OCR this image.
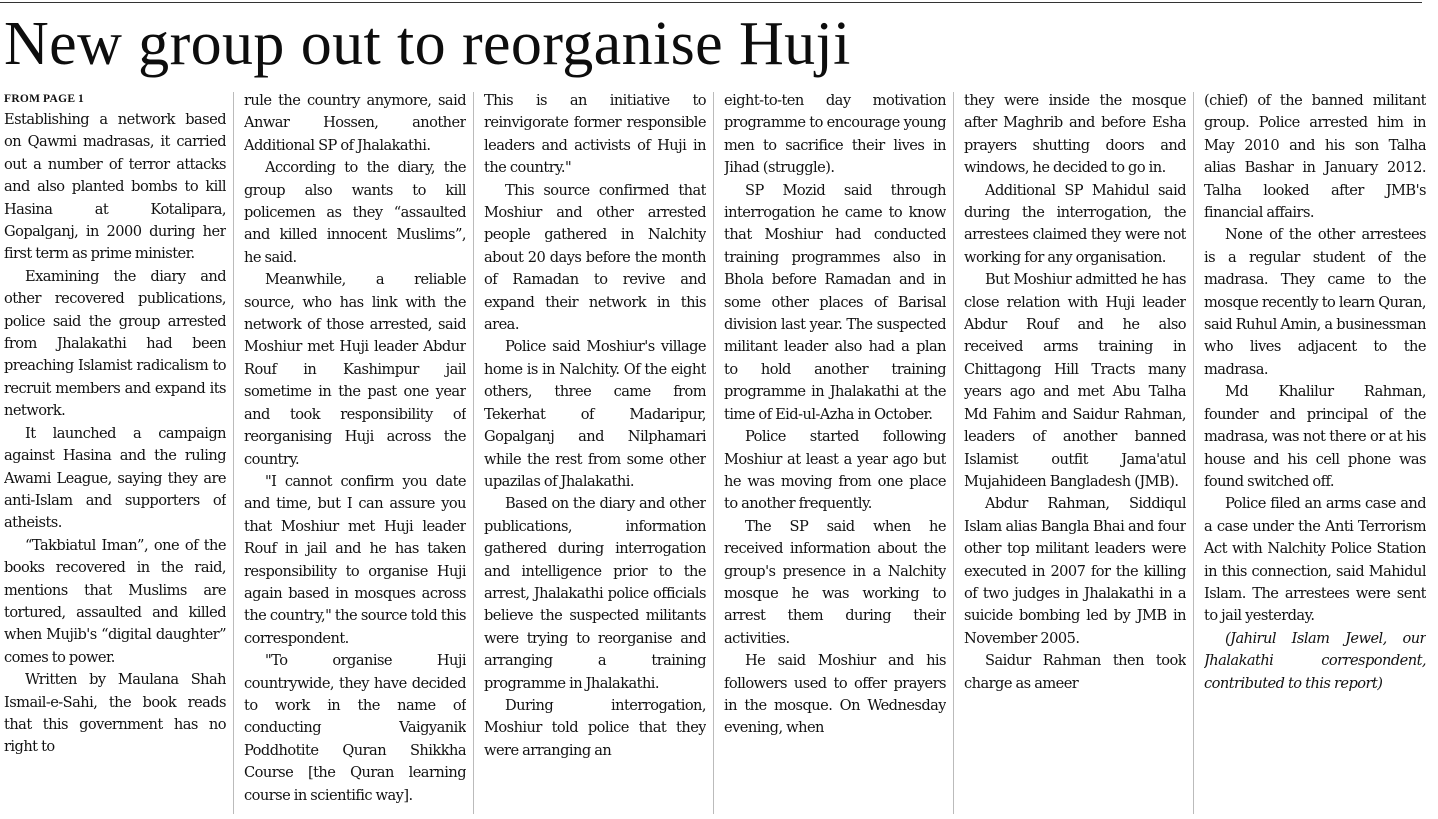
New group out to reorganise Huji
FROM PAGE 1

Establishing a network based on Qawmi madrasas, it carried out a number of terror attacks and also planted bombs to kill Hasina at Kotalipara, Gopalganj, in 2000 during her first term as prime minister.

Examining the diary and other recovered publications, police said the group arrested from Jhalakathi had been preaching Islamist radicalism to recruit members and expand its network.

It launched a campaign against Hasina and the ruling Awami League, saying they are anti-Islam and supporters of atheists.

“Takbiatul Iman”, one of the books recovered in the raid, mentions that Muslims are tortured, assaulted and killed when Mujib's “digital daughter” comes to power.

Written by Maulana Shah Ismail-e-Sahi, the book reads that this government has no right to

rule the country anymore, said Anwar Hossen, another Additional SP of Jhalakathi.

According to the diary, the group also wants to kill policemen as they “assaulted and killed innocent Muslims”, he said.

Meanwhile, a reliable source, who has link with the network of those arrested, said Moshiur met Huji leader Abdur Rouf in Kashimpur jail sometime in the past one year and took responsibility of reorganising Huji across the country.

"I cannot confirm you date and time, but I can assure you that Moshiur met Huji leader Rouf in jail and he has taken responsibility to organise Huji again based in mosques across the country," the source told this correspondent.

"To organise Huji countrywide, they have decided to work in the name of conducting Vaigyanik Poddhotite Quran Shikkha Course [the Quran learning course in scientific way].

This is an initiative to reinvigorate former responsible leaders and activists of Huji in the country."

This source confirmed that Moshiur and other arrested people gathered in Nalchity about 20 days before the month of Ramadan to revive and expand their network in this area.

Police said Moshiur's village home is in Nalchity. Of the eight others, three came from Tekerhat of Madaripur, Gopalganj and Nilphamari while the rest from some other upazilas of Jhalakathi.

Based on the diary and other publications, information gathered during interrogation and intelligence prior to the arrest, Jhalakathi police officials believe the suspected militants were trying to reorganise and arranging a training programme in Jhalakathi.

During interrogation, Moshiur told police that they were arranging an

eight-to-ten day motivation programme to encourage young men to sacrifice their lives in Jihad (struggle).

SP Mozid said through interrogation he came to know that Moshiur had conducted training programmes also in Bhola before Ramadan and in some other places of Barisal division last year. The suspected militant leader also had a plan to hold another training programme in Jhalakathi at the time of Eid-ul-Azha in October.

Police started following Moshiur at least a year ago but he was moving from one place to another frequently.

The SP said when he received information about the group's presence in a Nalchity mosque he was working to arrest them during their activities.

He said Moshiur and his followers used to offer prayers in the mosque. On Wednesday evening, when

they were inside the mosque after Maghrib and before Esha prayers shutting doors and windows, he decided to go in.

Additional SP Mahidul said during the interrogation, the arrestees claimed they were not working for any organisation.

But Moshiur admitted he has close relation with Huji leader Abdur Rouf and he also received arms training in Chittagong Hill Tracts many years ago and met Abu Talha Md Fahim and Saidur Rahman, leaders of another banned Islamist outfit Jama'atul Mujahideen Bangladesh (JMB).

Abdur Rahman, Siddiqul Islam alias Bangla Bhai and four other top militant leaders were executed in 2007 for the killing of two judges in Jhalakathi in a suicide bombing led by JMB in November 2005.

Saidur Rahman then took charge as ameer

(chief) of the banned militant group. Police arrested him in May 2010 and his son Talha alias Bashar in January 2012. Talha looked after JMB's financial affairs.

None of the other arrestees is a regular student of the madrasa. They came to the mosque recently to learn Quran, said Ruhul Amin, a businessman who lives adjacent to the madrasa.

Md Khalilur Rahman, founder and principal of the madrasa, was not there or at his house and his cell phone was found switched off.

Police filed an arms case and a case under the Anti Terrorism Act with Nalchity Police Station in this connection, said Mahidul Islam. The arrestees were sent to jail yesterday.

(Jahirul Islam Jewel, our Jhalakathi correspondent, contributed to this report)
